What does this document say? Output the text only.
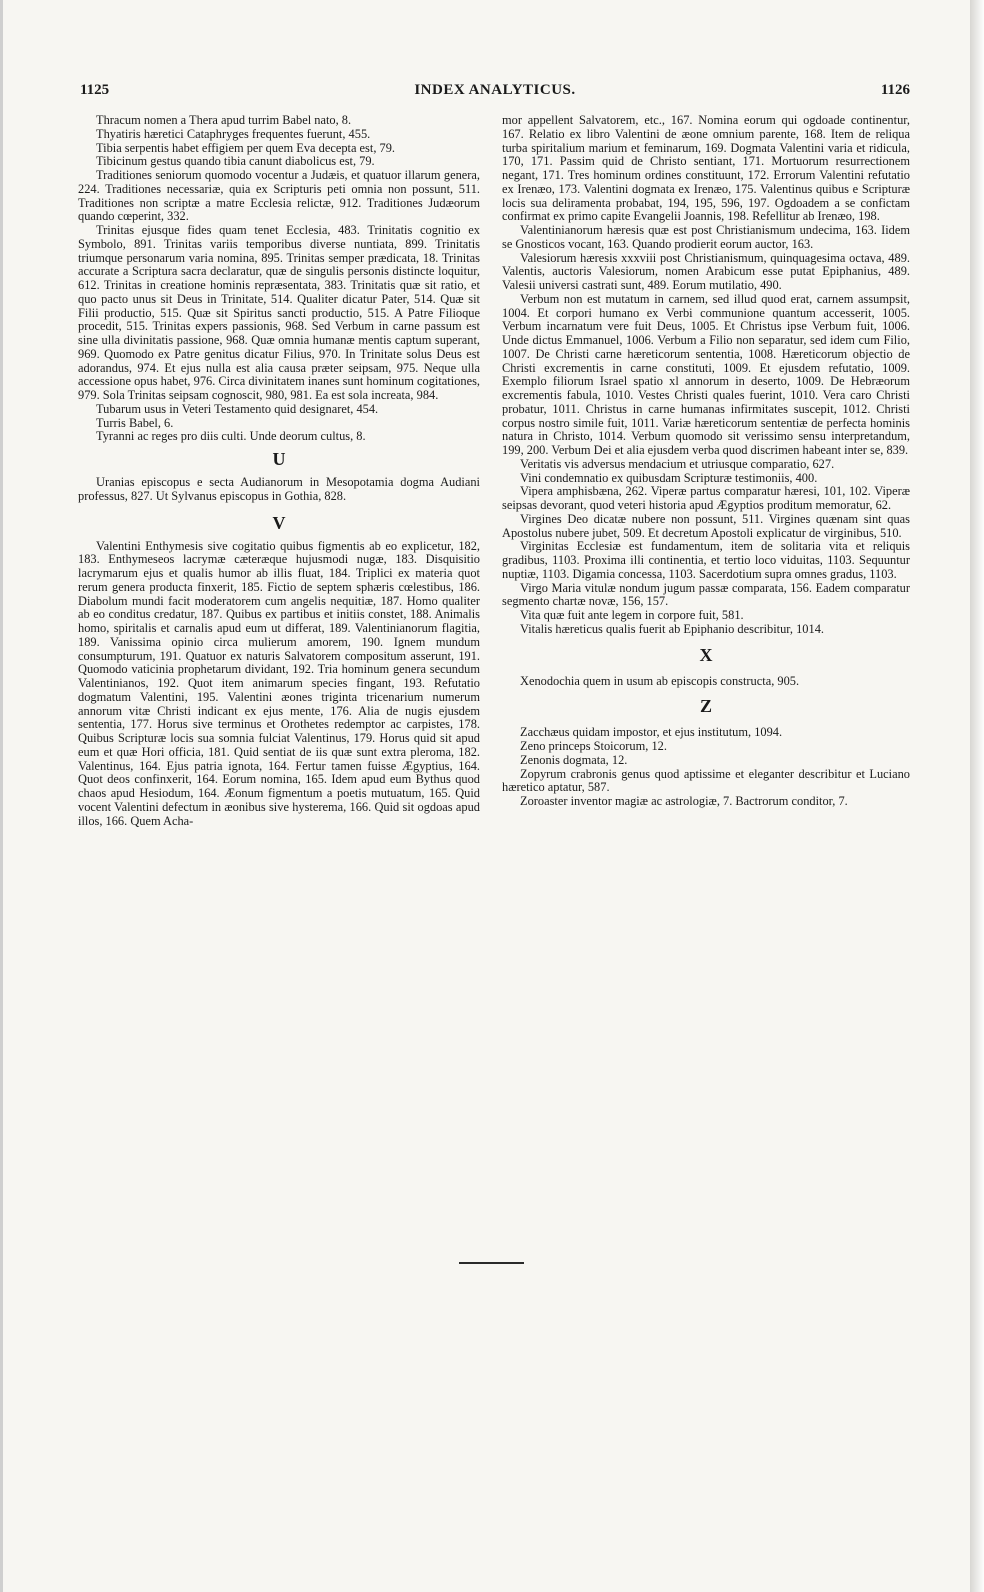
1125	INDEX ANALYTICUS.	1126

Thracum nomen a Thera apud turrim Babel nato, 8.

Thyatiris hæretici Cataphryges frequentes fuerunt, 455.

Tibia serpentis habet effigiem per quem Eva decepta est, 79.

Tibicinum gestus quando tibia canunt diabolicus est, 79.

Traditiones seniorum quomodo vocentur a Judæis, et quatuor illarum genera, 224. Traditiones necessariæ, quia ex Scripturis peti omnia non possunt, 511. Traditiones non scriptæ a matre Ecclesia relictæ, 912. Traditiones Judæorum quando cœperint, 332.

Trinitas ejusque fides quam tenet Ecclesia, 483. Trinitatis cognitio ex Symbolo, 891. Trinitas variis temporibus diverse nuntiata, 899. Trinitatis triumque personarum varia nomina, 895. Trinitas semper prædicata, 18. Trinitas accurate a Scriptura sacra declaratur, quæ de singulis personis distincte loquitur, 612. Trinitas in creatione hominis repræsentata, 383. Trinitatis quæ sit ratio, et quo pacto unus sit Deus in Trinitate, 514. Qualiter dicatur Pater, 514. Quæ sit Filii productio, 515. Quæ sit Spiritus sancti productio, 515. A Patre Filioque procedit, 515. Trinitas expers passionis, 968. Sed Verbum in carne passum est sine ulla divinitatis passione, 968. Quæ omnia humanæ mentis captum superant, 969. Quomodo ex Patre genitus dicatur Filius, 970. In Trinitate solus Deus est adorandus, 974. Et ejus nulla est alia causa præter seipsam, 975. Neque ulla accessione opus habet, 976. Circa divinitatem inanes sunt hominum cogitationes, 979. Sola Trinitas seipsam cognoscit, 980, 981. Ea est sola increata, 984.

Tubarum usus in Veteri Testamento quid designaret, 454.

Turris Babel, 6.

Tyranni ac reges pro diis culti. Unde deorum cultus, 8.

U

Uranias episcopus e secta Audianorum in Mesopotamia dogma Audiani professus, 827. Ut Sylvanus episcopus in Gothia, 828.

V

Valentini Enthymesis sive cogitatio quibus figmentis ab eo explicetur, 182, 183. Enthymeseos lacrymæ cæteræque hujusmodi nugæ, 183. Disquisitio lacrymarum ejus et qualis humor ab illis fluat, 184. Triplici ex materia quot rerum genera producta finxerit, 185. Fictio de septem sphæris cœlestibus, 186. Diabolum mundi facit moderatorem cum angelis nequitiæ, 187. Homo qualiter ab eo conditus credatur, 187. Quibus ex partibus et initiis constet, 188. Animalis homo, spiritalis et carnalis apud eum ut differat, 189. Valentinianorum flagitia, 189. Vanissima opinio circa mulierum amorem, 190. Ignem mundum consumpturum, 191. Quatuor ex naturis Salvatorem compositum asserunt, 191. Quomodo vaticinia prophetarum dividant, 192. Tria hominum genera secundum Valentinianos, 192. Quot item animarum species fingant, 193. Refutatio dogmatum Valentini, 195. Valentini æones triginta tricenarium numerum annorum vitæ Christi indicant ex ejus mente, 176. Alia de nugis ejusdem sententia, 177. Horus sive terminus et Orothetes redemptor ac carpistes, 178. Quibus Scripturæ locis sua somnia fulciat Valentinus, 179. Horus quid sit apud eum et quæ Hori officia, 181. Quid sentiat de iis quæ sunt extra pleroma, 182. Valentinus, 164. Ejus patria ignota, 164. Fertur tamen fuisse Ægyptius, 164. Quot deos confinxerit, 164. Eorum nomina, 165. Idem apud eum Bythus quod chaos apud Hesiodum, 164. Æonum figmentum a poetis mutuatum, 165. Quid vocent Valentini defectum in æonibus sive hysterema, 166. Quid sit ogdoas apud illos, 166. Quem Acha-

mor appellent Salvatorem, etc., 167. Nomina eorum qui ogdoade continentur, 167. Relatio ex libro Valentini de æone omnium parente, 168. Item de reliqua turba spiritalium marium et feminarum, 169. Dogmata Valentini varia et ridicula, 170, 171. Passim quid de Christo sentiant, 171. Mortuorum resurrectionem negant, 171. Tres hominum ordines constituunt, 172. Errorum Valentini refutatio ex Irenæo, 173. Valentini dogmata ex Irenæo, 175. Valentinus quibus e Scripturæ locis sua deliramenta probabat, 194, 195, 596, 197. Ogdoadem a se confictam confirmat ex primo capite Evangelii Joannis, 198. Refellitur ab Irenæo, 198.

Valentinianorum hæresis quæ est post Christianismum undecima, 163. Iidem se Gnosticos vocant, 163. Quando prodierit eorum auctor, 163.

Valesiorum hæresis xxxviii post Christianismum, quinquagesima octava, 489. Valentis, auctoris Valesiorum, nomen Arabicum esse putat Epiphanius, 489. Valesii universi castrati sunt, 489. Eorum mutilatio, 490.

Verbum non est mutatum in carnem, sed illud quod erat, carnem assumpsit, 1004. Et corpori humano ex Verbi communione quantum accesserit, 1005. Verbum incarnatum vere fuit Deus, 1005. Et Christus ipse Verbum fuit, 1006. Unde dictus Emmanuel, 1006. Verbum a Filio non separatur, sed idem cum Filio, 1007. De Christi carne hæreticorum sententia, 1008. Hæreticorum objectio de Christi excrementis in carne constituti, 1009. Et ejusdem refutatio, 1009. Exemplo filiorum Israel spatio xl annorum in deserto, 1009. De Hebræorum excrementis fabula, 1010. Vestes Christi quales fuerint, 1010. Vera caro Christi probatur, 1011. Christus in carne humanas infirmitates suscepit, 1012. Christi corpus nostro simile fuit, 1011. Variæ hæreticorum sententiæ de perfecta hominis natura in Christo, 1014. Verbum quomodo sit verissimo sensu interpretandum, 199, 200. Verbum Dei et alia ejusdem verba quod discrimen habeant inter se, 839.

Veritatis vis adversus mendacium et utriusque comparatio, 627.

Vini condemnatio ex quibusdam Scripturæ testimoniis, 400.

Vipera amphisbæna, 262. Viperæ partus comparatur hæresi, 101, 102. Viperæ seipsas devorant, quod veteri historia apud Ægyptios proditum memoratur, 62.

Virgines Deo dicatæ nubere non possunt, 511. Virgines quænam sint quas Apostolus nubere jubet, 509. Et decretum Apostoli explicatur de virginibus, 510.

Virginitas Ecclesiæ est fundamentum, item de solitaria vita et reliquis gradibus, 1103. Proxima illi continentia, et tertio loco viduitas, 1103. Sequuntur nuptiæ, 1103. Digamia concessa, 1103. Sacerdotium supra omnes gradus, 1103.

Virgo Maria vitulæ nondum jugum passæ comparata, 156. Eadem comparatur segmento chartæ novæ, 156, 157.

Vita quæ fuit ante legem in corpore fuit, 581.

Vitalis hæreticus qualis fuerit ab Epiphanio describitur, 1014.

X

Xenodochia quem in usum ab episcopis constructa, 905.

Z

Zacchæus quidam impostor, et ejus institutum, 1094.

Zeno princeps Stoicorum, 12.

Zenonis dogmata, 12.

Zopyrum crabronis genus quod aptissime et eleganter describitur et Luciano hæretico aptatur, 587.

Zoroaster inventor magiæ ac astrologiæ, 7. Bactrorum conditor, 7.
